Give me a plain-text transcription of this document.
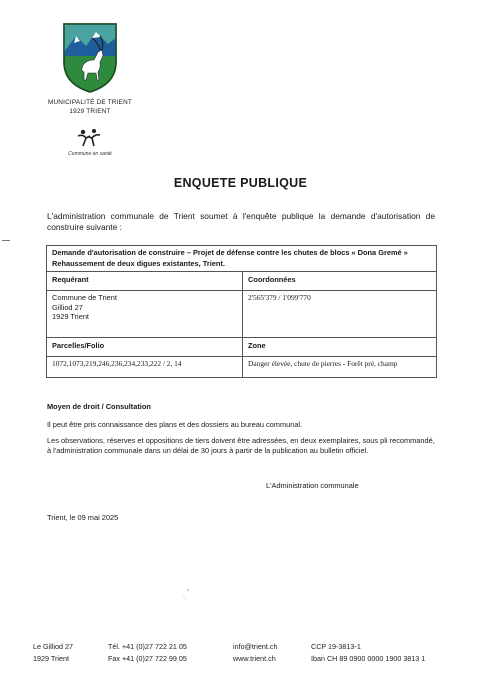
MUNICIPALITÉ DE TRIENT
1929 TRIENT
Commune en santé
ENQUETE PUBLIQUE
L'administration communale de Trient soumet à l'enquête publique la demande d'autorisation de construire suivante :
Demande d'autorisation de construire – Projet de défense contre les chutes de blocs « Dona Gremé » Rehaussement de deux digues existantes, Trient.	
Requérant	Coordonnées

Commune de Trient
Gilliod 27
1929 Trient	2'565'379 / 1'099'770
Parcelles/Folio	Zone
1072,1073,219,246,236,234,233,222 / 2, 14	Danger élevée, chute de pierres - Forêt pré, champ
Moyen de droit / Consultation
Il peut être pris connaissance des plans et des dossiers au bureau communal.
Les observations, réserves et oppositions de tiers doivent être adressées, en deux exemplaires, sous pli recommandé, à l'administration communale dans un délai de 30 jours à partir de la publication au bulletin officiel.
L'Administration communale
Trient, le 09 mai 2025
Le Gilliod 27
1929 Trient
Tél. +41 (0)27 722 21 05
Fax +41 (0)27 722 99 05
info@trient.ch
www.trient.ch
CCP 19-3813-1
Iban CH 89 0900 0000 1900 3813 1
